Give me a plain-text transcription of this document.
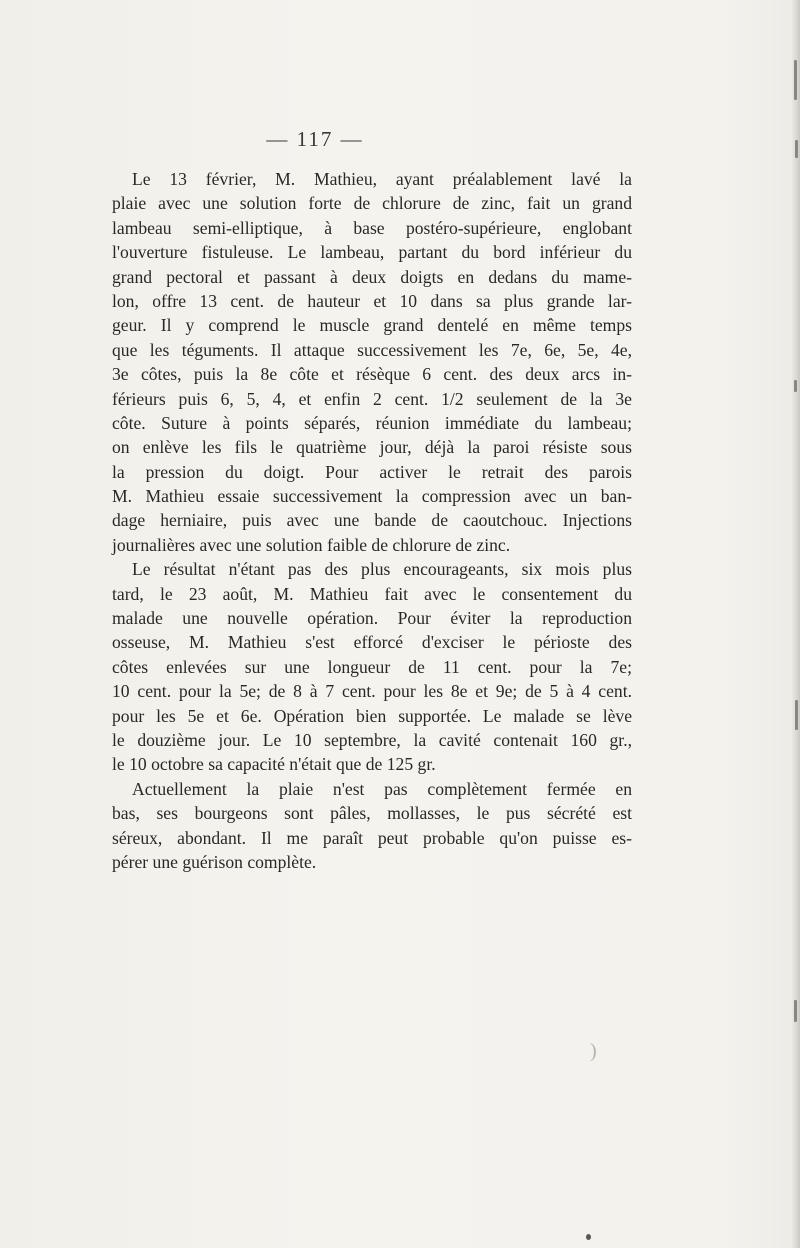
— 117 —
Le 13 février, M. Mathieu, ayant préalablement lavé la
plaie avec une solution forte de chlorure de zinc, fait un grand
lambeau semi-elliptique, à base postéro-supérieure, englobant
l'ouverture fistuleuse. Le lambeau, partant du bord inférieur du
grand pectoral et passant à deux doigts en dedans du mame-
lon, offre 13 cent. de hauteur et 10 dans sa plus grande lar-
geur. Il y comprend le muscle grand dentelé en même temps
que les téguments. Il attaque successivement les 7e, 6e, 5e, 4e,
3e côtes, puis la 8e côte et résèque 6 cent. des deux arcs in-
férieurs puis 6, 5, 4, et enfin 2 cent. 1/2 seulement de la 3e
côte. Suture à points séparés, réunion immédiate du lambeau;
on enlève les fils le quatrième jour, déjà la paroi résiste sous
la pression du doigt. Pour activer le retrait des parois
M. Mathieu essaie successivement la compression avec un ban-
dage herniaire, puis avec une bande de caoutchouc. Injections
journalières avec une solution faible de chlorure de zinc.
Le résultat n'étant pas des plus encourageants, six mois plus
tard, le 23 août, M. Mathieu fait avec le consentement du
malade une nouvelle opération. Pour éviter la reproduction
osseuse, M. Mathieu s'est efforcé d'exciser le périoste des
côtes enlevées sur une longueur de 11 cent. pour la 7e;
10 cent. pour la 5e; de 8 à 7 cent. pour les 8e et 9e; de 5 à 4 cent.
pour les 5e et 6e. Opération bien supportée. Le malade se lève
le douzième jour. Le 10 septembre, la cavité contenait 160 gr.,
le 10 octobre sa capacité n'était que de 125 gr.
Actuellement la plaie n'est pas complètement fermée en
bas, ses bourgeons sont pâles, mollasses, le pus sécrété est
séreux, abondant. Il me paraît peut probable qu'on puisse es-
pérer une guérison complète.
)
